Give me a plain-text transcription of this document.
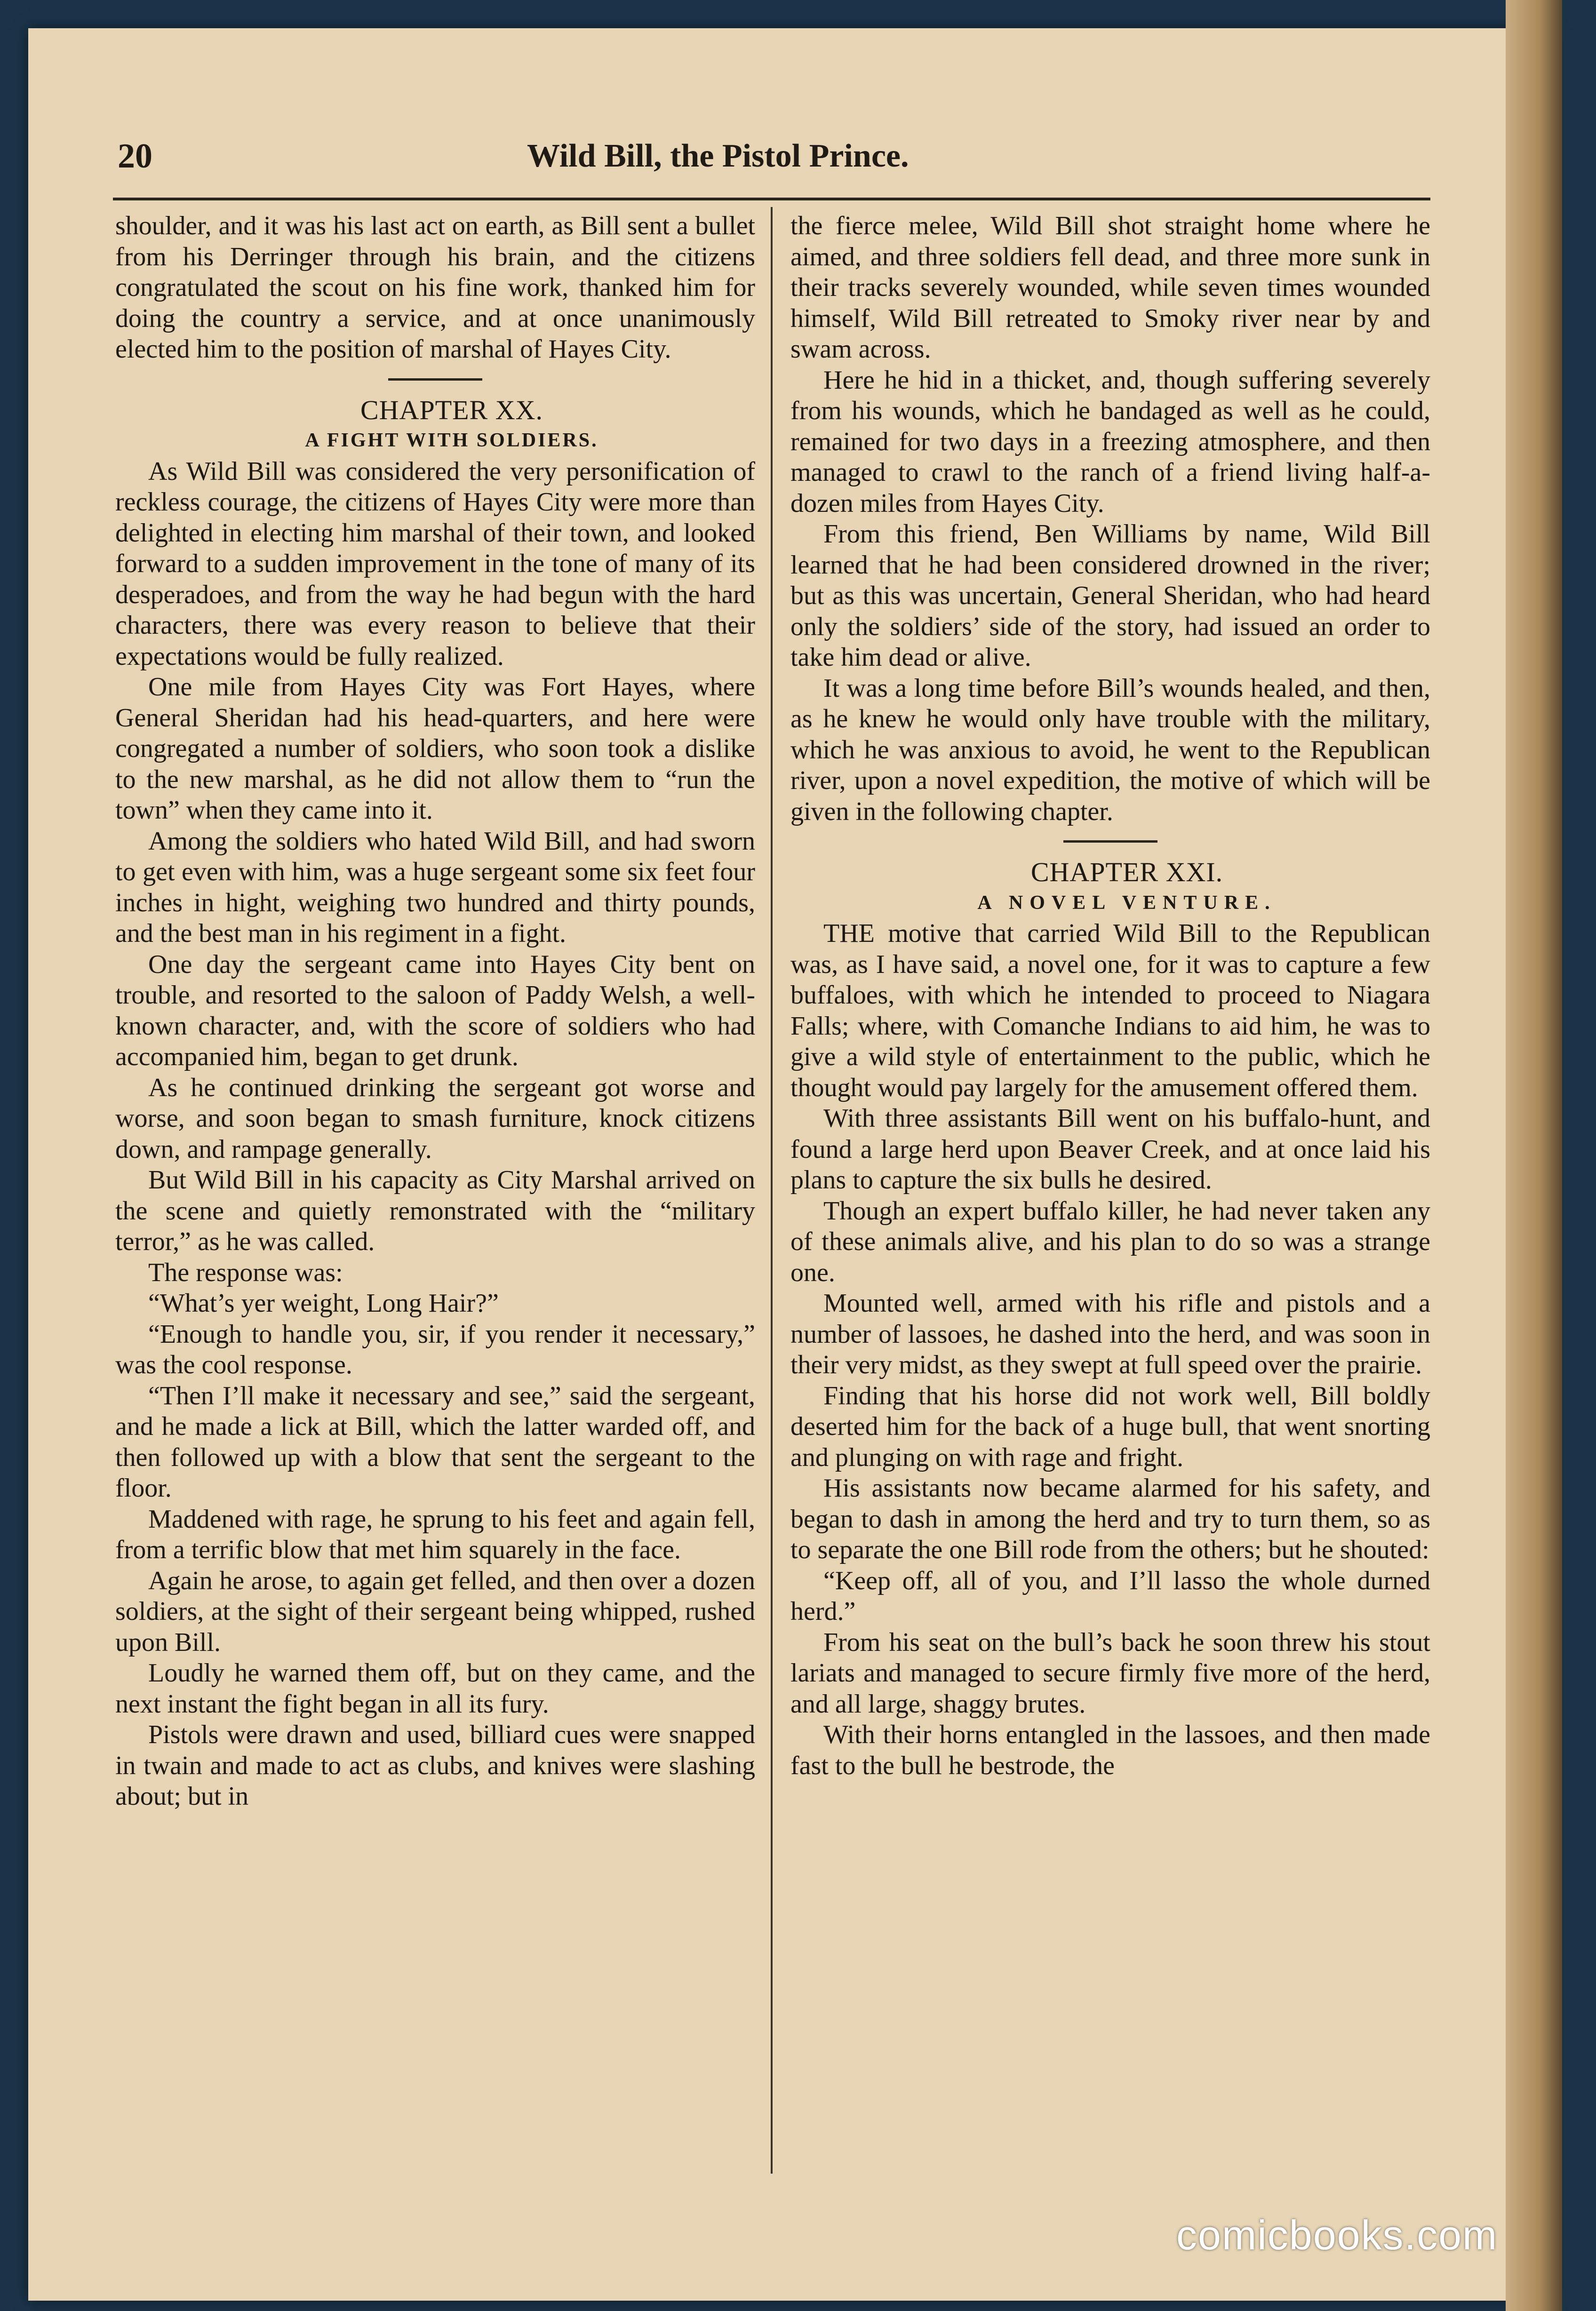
20	Wild Bill, the Pistol Prince.

shoulder, and it was his last act on earth, as Bill sent a bullet from his Derringer through his brain, and the citizens congratulated the scout on his fine work, thanked him for doing the country a service, and at once unanimously elected him to the position of marshal of Hayes City.

CHAPTER XX.

A FIGHT WITH SOLDIERS.

As Wild Bill was considered the very personification of reckless courage, the citizens of Hayes City were more than delighted in electing him marshal of their town, and looked forward to a sudden improvement in the tone of many of its desperadoes, and from the way he had begun with the hard characters, there was every reason to believe that their expectations would be fully realized.

One mile from Hayes City was Fort Hayes, where General Sheridan had his head-quarters, and here were congregated a number of soldiers, who soon took a dislike to the new marshal, as he did not allow them to “run the town” when they came into it.

Among the soldiers who hated Wild Bill, and had sworn to get even with him, was a huge sergeant some six feet four inches in hight, weighing two hundred and thirty pounds, and the best man in his regiment in a fight.

One day the sergeant came into Hayes City bent on trouble, and resorted to the saloon of Paddy Welsh, a well-known character, and, with the score of soldiers who had accompanied him, began to get drunk.

As he continued drinking the sergeant got worse and worse, and soon began to smash furniture, knock citizens down, and rampage generally.

But Wild Bill in his capacity as City Marshal arrived on the scene and quietly remonstrated with the “military terror,” as he was called.

The response was:

“What’s yer weight, Long Hair?”

“Enough to handle you, sir, if you render it necessary,” was the cool response.

“Then I’ll make it necessary and see,” said the sergeant, and he made a lick at Bill, which the latter warded off, and then followed up with a blow that sent the sergeant to the floor.

Maddened with rage, he sprung to his feet and again fell, from a terrific blow that met him squarely in the face.

Again he arose, to again get felled, and then over a dozen soldiers, at the sight of their sergeant being whipped, rushed upon Bill.

Loudly he warned them off, but on they came, and the next instant the fight began in all its fury.

Pistols were drawn and used, billiard cues were snapped in twain and made to act as clubs, and knives were slashing about; but in

the fierce melee, Wild Bill shot straight home where he aimed, and three soldiers fell dead, and three more sunk in their tracks severely wounded, while seven times wounded himself, Wild Bill retreated to Smoky river near by and swam across.

Here he hid in a thicket, and, though suffering severely from his wounds, which he bandaged as well as he could, remained for two days in a freezing atmosphere, and then managed to crawl to the ranch of a friend living half-a-dozen miles from Hayes City.

From this friend, Ben Williams by name, Wild Bill learned that he had been considered drowned in the river; but as this was uncertain, General Sheridan, who had heard only the soldiers’ side of the story, had issued an order to take him dead or alive.

It was a long time before Bill’s wounds healed, and then, as he knew he would only have trouble with the military, which he was anxious to avoid, he went to the Republican river, upon a novel expedition, the motive of which will be given in the following chapter.

CHAPTER XXI.

A NOVEL VENTURE.

THE motive that carried Wild Bill to the Republican was, as I have said, a novel one, for it was to capture a few buffaloes, with which he intended to proceed to Niagara Falls; where, with Comanche Indians to aid him, he was to give a wild style of entertainment to the public, which he thought would pay largely for the amusement offered them.

With three assistants Bill went on his buffalo-hunt, and found a large herd upon Beaver Creek, and at once laid his plans to capture the six bulls he desired.

Though an expert buffalo killer, he had never taken any of these animals alive, and his plan to do so was a strange one.

Mounted well, armed with his rifle and pistols and a number of lassoes, he dashed into the herd, and was soon in their very midst, as they swept at full speed over the prairie.

Finding that his horse did not work well, Bill boldly deserted him for the back of a huge bull, that went snorting and plunging on with rage and fright.

His assistants now became alarmed for his safety, and began to dash in among the herd and try to turn them, so as to separate the one Bill rode from the others; but he shouted:

“Keep off, all of you, and I’ll lasso the whole durned herd.”

From his seat on the bull’s back he soon threw his stout lariats and managed to secure firmly five more of the herd, and all large, shaggy brutes.

With their horns entangled in the lassoes, and then made fast to the bull he bestrode, the

comicbooks.com
